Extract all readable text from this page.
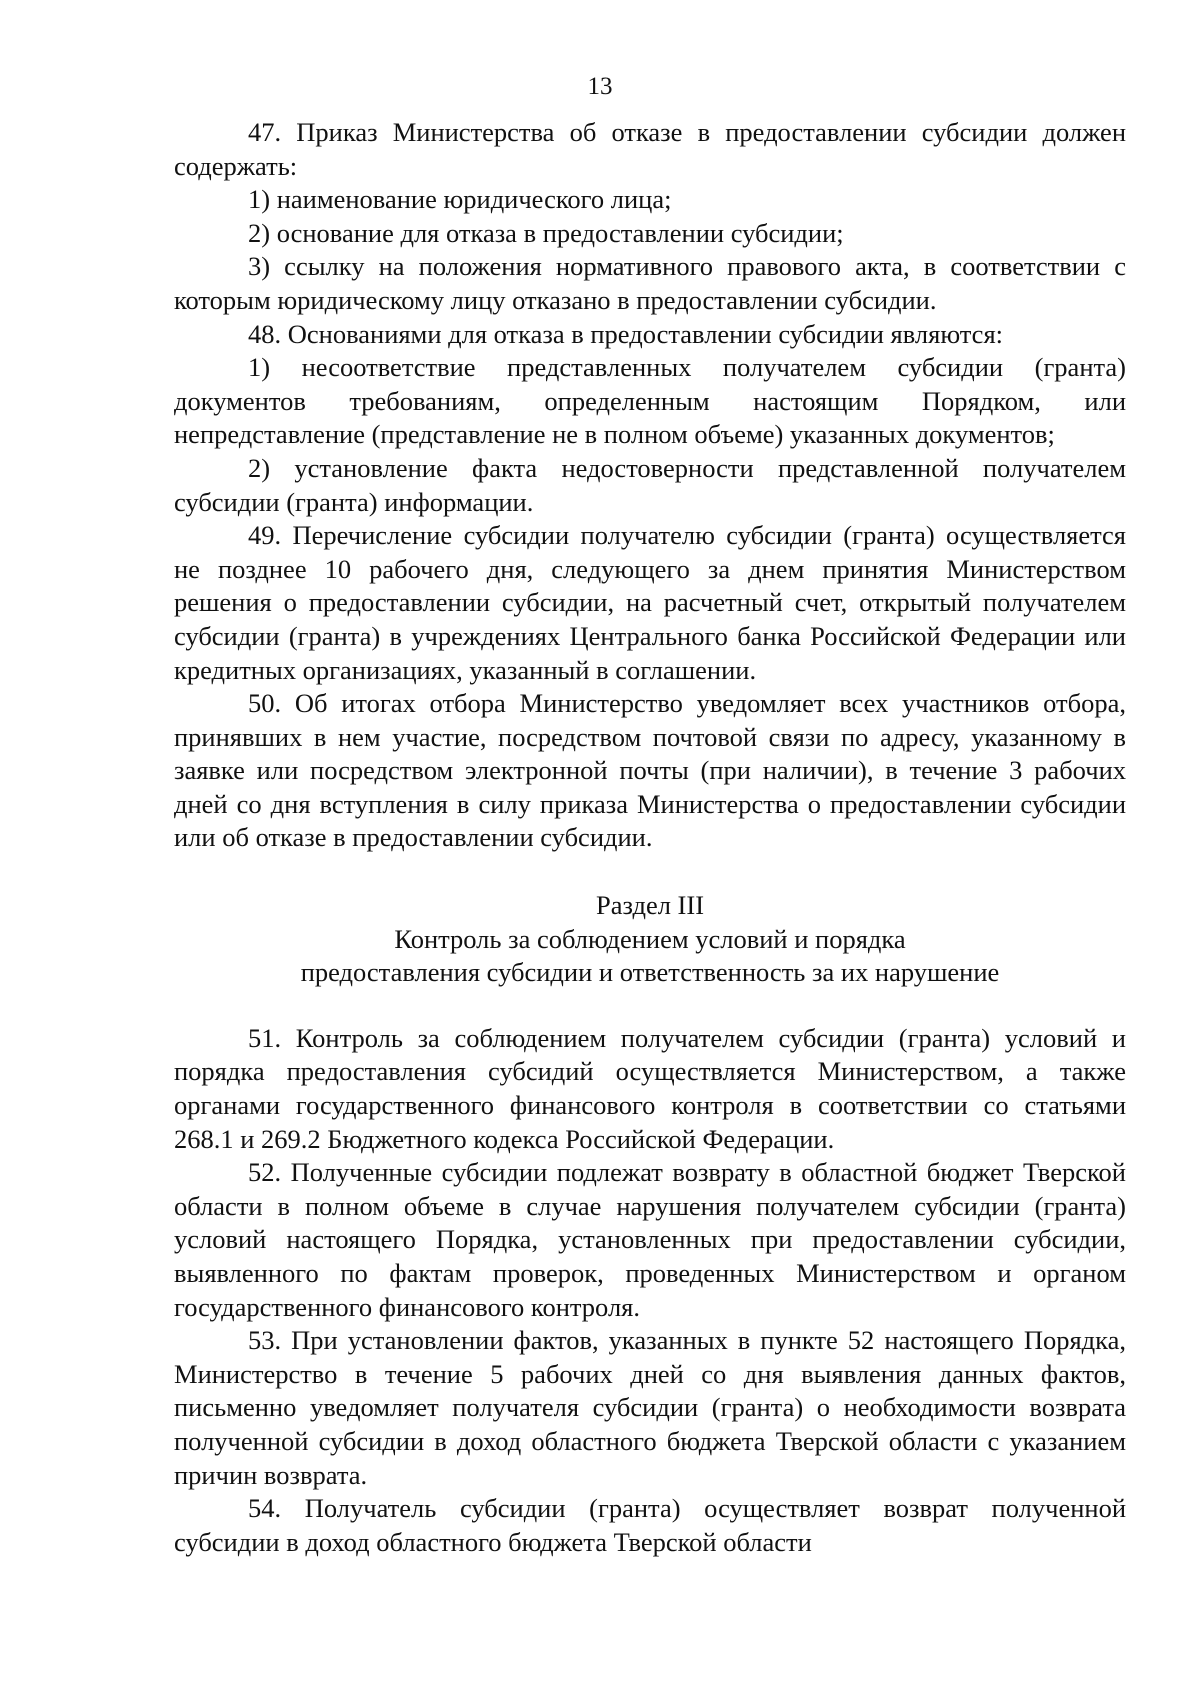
13

47. Приказ Министерства об отказе в предоставлении субсидии должен содержать:

1) наименование юридического лица;

2) основание для отказа в предоставлении субсидии;

3) ссылку на положения нормативного правового акта, в соответствии с которым юридическому лицу отказано в предоставлении субсидии.

48. Основаниями для отказа в предоставлении субсидии являются:

1) несоответствие представленных получателем субсидии (гранта) документов требованиям, определенным настоящим Порядком, или непредставление (представление не в полном объеме) указанных документов;

2) установление факта недостоверности представленной получателем субсидии (гранта) информации.

49. Перечисление субсидии получателю субсидии (гранта) осуществляется не позднее 10 рабочего дня, следующего за днем принятия Министерством решения о предоставлении субсидии, на расчетный счет, открытый получателем субсидии (гранта) в учреждениях Центрального банка Российской Федерации или кредитных организациях, указанный в соглашении.

50. Об итогах отбора Министерство уведомляет всех участников отбора, принявших в нем участие, посредством почтовой связи по адресу, указанному в заявке или посредством электронной почты (при наличии), в течение 3 рабочих дней со дня вступления в силу приказа Министерства о предоставлении субсидии или об отказе в предоставлении субсидии.

Раздел III

Контроль за соблюдением условий и порядка

предоставления субсидии и ответственность за их нарушение

51. Контроль за соблюдением получателем субсидии (гранта) условий и порядка предоставления субсидий осуществляется Министерством, а также органами государственного финансового контроля в соответствии со статьями 268.1 и 269.2 Бюджетного кодекса Российской Федерации.

52. Полученные субсидии подлежат возврату в областной бюджет Тверской области в полном объеме в случае нарушения получателем субсидии (гранта) условий настоящего Порядка, установленных при предоставлении субсидии, выявленного по фактам проверок, проведенных Министерством и органом государственного финансового контроля.

53. При установлении фактов, указанных в пункте 52 настоящего Порядка, Министерство в течение 5 рабочих дней со дня выявления данных фактов, письменно уведомляет получателя субсидии (гранта) о необходимости возврата полученной субсидии в доход областного бюджета Тверской области с указанием причин возврата.

54. Получатель субсидии (гранта) осуществляет возврат полученной субсидии в доход областного бюджета Тверской области
